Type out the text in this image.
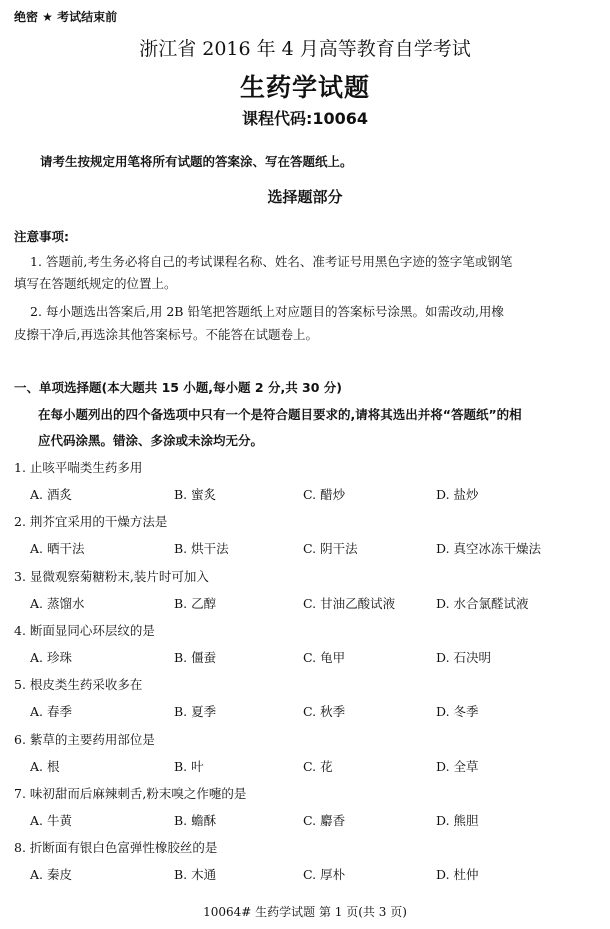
绝密 ★ 考试结束前
浙江省 2016 年 4 月高等教育自学考试
生药学试题
课程代码:10064
请考生按规定用笔将所有试题的答案涂、写在答题纸上。
选择题部分
注意事项:
1. 答题前,考生务必将自己的考试课程名称、姓名、准考证号用黑色字迹的签字笔或钢笔
填写在答题纸规定的位置上。
2. 每小题选出答案后,用 2B 铅笔把答题纸上对应题目的答案标号涂黑。如需改动,用橡
皮擦干净后,再选涂其他答案标号。不能答在试题卷上。
一、单项选择题(本大题共 15 小题,每小题 2 分,共 30 分)
在每小题列出的四个备选项中只有一个是符合题目要求的,请将其选出并将“答题纸”的相
应代码涂黑。错涂、多涂或未涂均无分。
1. 止咳平喘类生药多用
A. 酒炙	B. 蜜炙	C. 醋炒	D. 盐炒
2. 荆芥宜采用的干燥方法是
A. 晒干法	B. 烘干法	C. 阴干法	D. 真空冰冻干燥法
3. 显微观察菊糖粉末,装片时可加入
A. 蒸馏水	B. 乙醇	C. 甘油乙酸试液	D. 水合氯醛试液
4. 断面显同心环层纹的是
A. 珍珠	B. 僵蚕	C. 龟甲	D. 石决明
5. 根皮类生药采收多在
A. 春季	B. 夏季	C. 秋季	D. 冬季
6. 紫草的主要药用部位是
A. 根	B. 叶	C. 花	D. 全草
7. 味初甜而后麻辣刺舌,粉末嗅之作嚏的是
A. 牛黄	B. 蟾酥	C. 麝香	D. 熊胆
8. 折断面有银白色富弹性橡胶丝的是
A. 秦皮	B. 木通	C. 厚朴	D. 杜仲
10064# 生药学试题 第 1 页(共 3 页)
